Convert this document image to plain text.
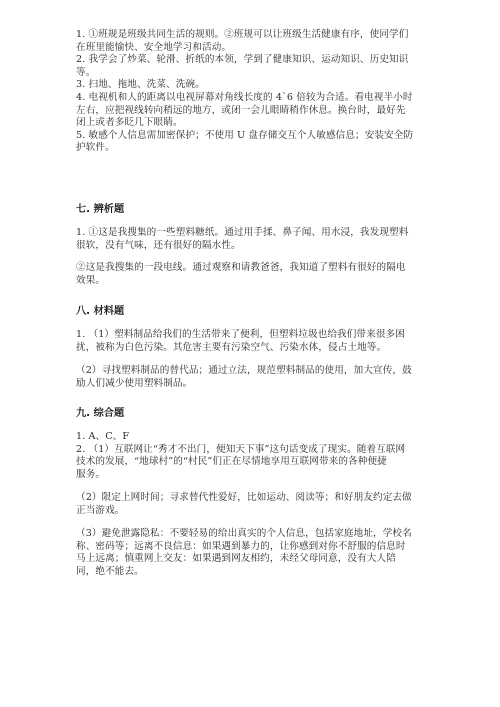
1. ①班规是班级共同生活的规则。②班规可以让班级生活健康有序，使同学们
在班里能愉快、安全地学习和活动。
2. 我学会了炒菜、轮滑、折纸的本领，学到了健康知识、运动知识、历史知识
等。
3. 扫地、拖地、洗菜、洗碗。
4. 电视机和人的距离以电视屏幕对角线长度的 4`6 倍较为合适。看电视半小时
左右，应把视线转向稍远的地方，或闭一会儿眼睛稍作休息。换台时，最好先
闭上或者多眨几下眼睛。
5. 敏感个人信息需加密保护；不使用 U 盘存储交互个人敏感信息；安装安全防
护软件。
七. 辨析题
1. ①这是我搜集的一些塑料糖纸。通过用手揉、鼻子闻、用水浸，我发现塑料
很软，没有气味，还有很好的隔水性。
②这是我搜集的一段电线。通过观察和请教爸爸，我知道了塑料有很好的隔电
效果。
八. 材料题
1. （1）塑料制品给我们的生活带来了便利，但塑料垃圾也给我们带来很多困
扰，被称为白色污染。其危害主要有污染空气、污染水体，侵占土地等。
（2）寻找塑料制品的替代品；通过立法，规范塑料制品的使用，加大宣传，鼓
励人们减少使用塑料制品。
九. 综合题
1. A、C、F
2. （1）互联网让“秀才不出门，便知天下事”这句话变成了现实。随着互联网
技术的发展，“地球村”的“村民”们正在尽情地享用互联网带来的各种便捷
服务。
（2）限定上网时间；寻求替代性爱好，比如运动、阅读等；和好朋友约定去做
正当游戏。
（3）避免泄露隐私：不要轻易的给出真实的个人信息，包括家庭地址，学校名
称、密码等；远离不良信息：如果遇到暴力的，让你感到对你不舒服的信息时
马上远离；慎重网上交友：如果遇到网友相约，未经父母同意，没有大人陪
同，绝不能去。
